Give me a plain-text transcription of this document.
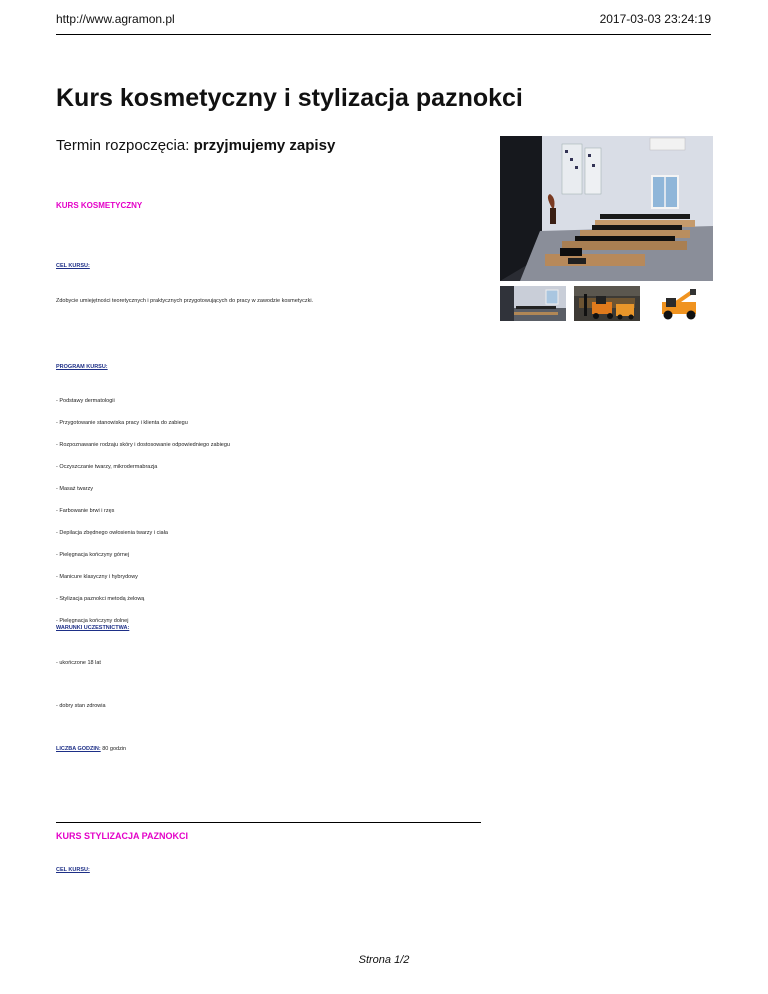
http://www.agramon.pl	2017-03-03 23:24:19
Kurs kosmetyczny i stylizacja paznokci
Termin rozpoczęcia: przyjmujemy zapisy
KURS KOSMETYCZNY
CEL KURSU:
Zdobycie umiejętności teoretycznych i praktycznych przygotowujących do pracy w zawodzie kosmetyczki.
PROGRAM KURSU:
- Podstawy dermatologii
- Przygotowanie stanowiska pracy i klienta do zabiegu
- Rozpoznawanie rodzaju skóry i dostosowanie odpowiedniego zabiegu
- Oczyszczanie twarzy, mikrodermabrazja
- Masaż twarzy
- Farbowanie brwi i rzęs
- Depilacja zbędnego owłosienia twarzy i ciała
- Pielęgnacja kończyny górnej
- Manicure klasyczny i hybrydowy
- Stylizacja paznokci metodą żelową
- Pielęgnacja kończyny dolnej
WARUNKI UCZESTNICTWA:
- ukończone 18 lat
- dobry stan zdrowia
LICZBA GODZIN: 80 godzin
KURS STYLIZACJA PAZNOKCI
CEL KURSU:
Strona 1/2
